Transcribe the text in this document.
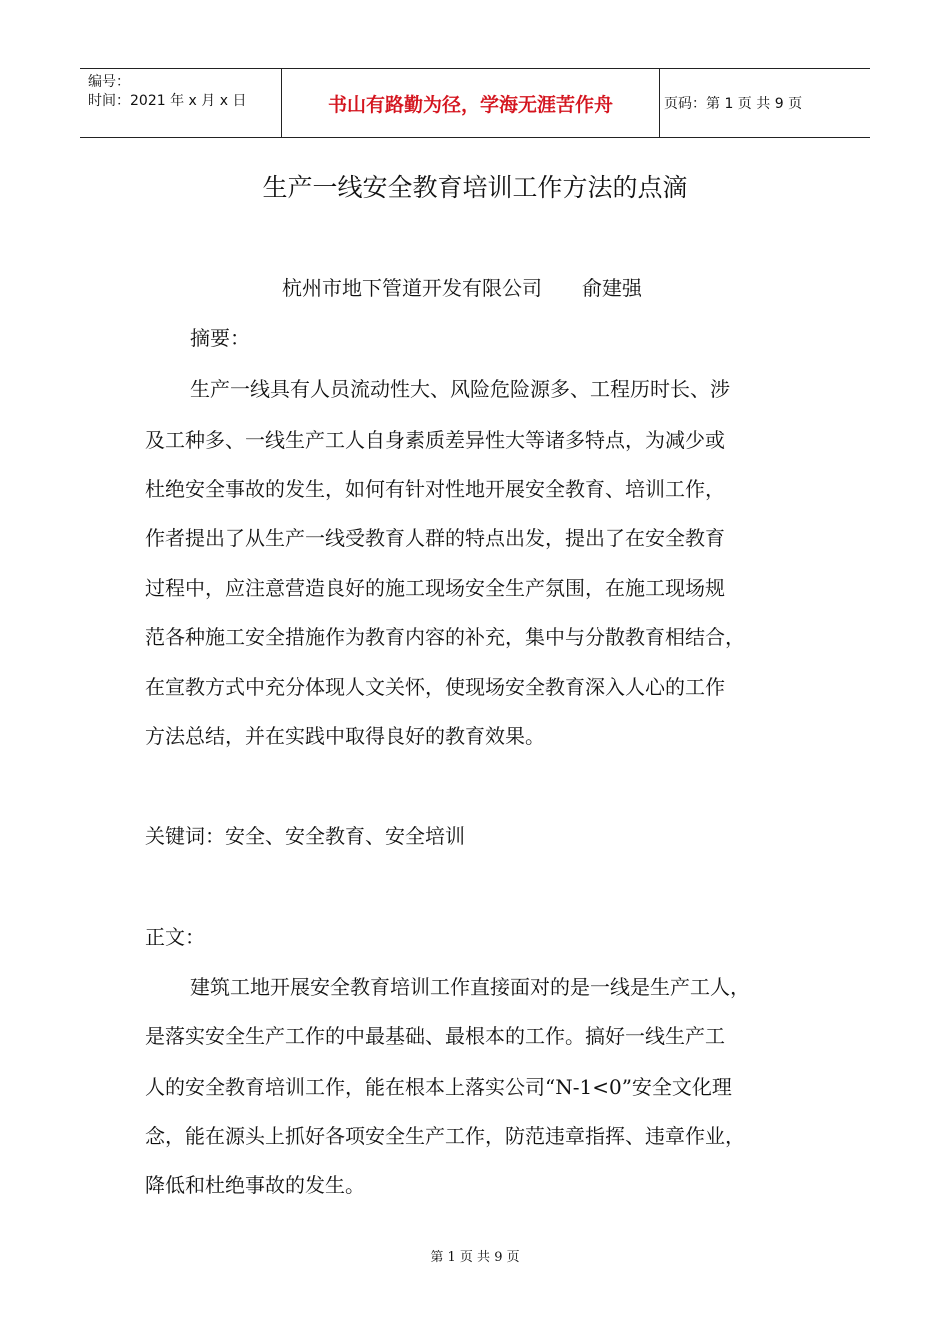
编号：
时间：2021 年 x 月 x 日	书山有路勤为径，学海无涯苦作舟	页码：第 1 页 共 9 页
生产一线安全教育培训工作方法的点滴
杭州市地下管道开发有限公司　　俞建强
摘要：
生产一线具有人员流动性大、风险危险源多、工程历时长、涉
及工种多、一线生产工人自身素质差异性大等诸多特点，为减少或
杜绝安全事故的发生，如何有针对性地开展安全教育、培训工作，
作者提出了从生产一线受教育人群的特点出发，提出了在安全教育
过程中，应注意营造良好的施工现场安全生产氛围，在施工现场规
范各种施工安全措施作为教育内容的补充，集中与分散教育相结合，
在宣教方式中充分体现人文关怀，使现场安全教育深入人心的工作
方法总结，并在实践中取得良好的教育效果。
关键词：安全、安全教育、安全培训
正文：
建筑工地开展安全教育培训工作直接面对的是一线是生产工人，
是落实安全生产工作的中最基础、最根本的工作。搞好一线生产工
人的安全教育培训工作，能在根本上落实公司“N-1<0”安全文化理
念，能在源头上抓好各项安全生产工作，防范违章指挥、违章作业，
降低和杜绝事故的发生。
第 1 页 共 9 页
